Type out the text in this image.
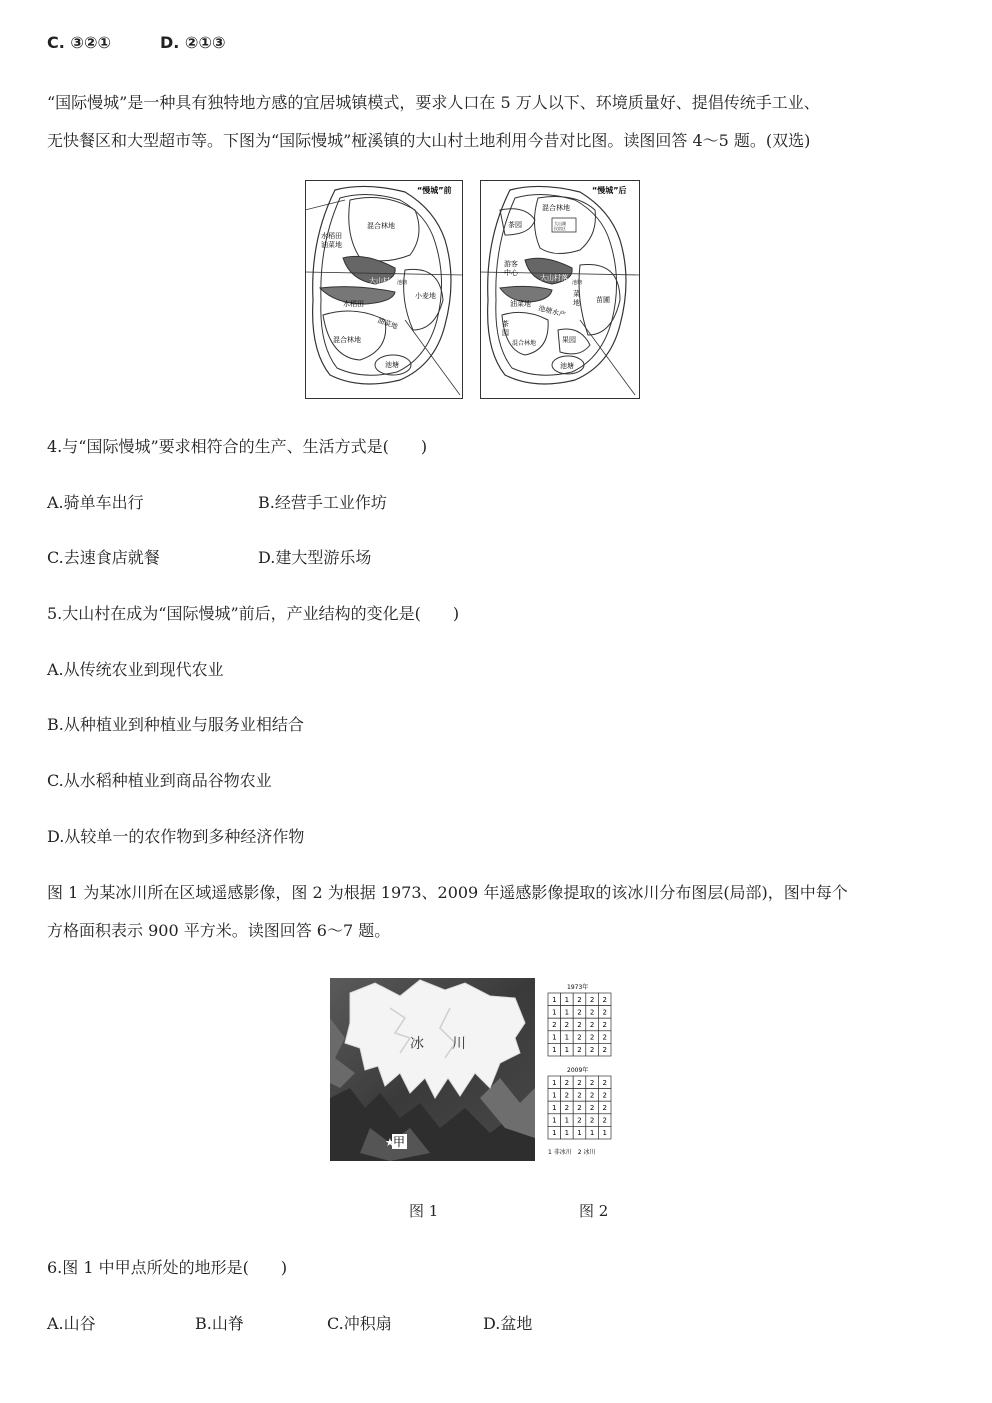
C. ③②①	D. ②①③
“国际慢城”是一种具有独特地方感的宜居城镇模式，要求人口在 5 万人以下、环境质量好、提倡传统手工业、
无快餐区和大型超市等。下图为“国际慢城”桠溪镇的大山村土地利用今昔对比图。读图回答 4～5 题。(双选)
“慢城”前
混合林地
水稻田
油菜地
大山村落 池塘
小麦地
水稻田
油菜地
混合林地
池塘
“慢城”后
混合林地
大山湖
民宿区
茶园
游客
中心
大山村落
池塘
菜
地 苗圃
油菜地
池塘水产
茶
园
混合林地	果园
池塘
4.与“国际慢城”要求相符合的生产、生活方式是(　　)
A.骑单车出行	B.经营手工业作坊
C.去速食店就餐	D.建大型游乐场
5.大山村在成为“国际慢城”前后，产业结构的变化是(　　)
A.从传统农业到现代农业
B.从种植业到种植业与服务业相结合
C.从水稻种植业到商品谷物农业
D.从较单一的农作物到多种经济作物
图 1 为某冰川所在区域遥感影像，图 2 为根据 1973、2009 年遥感影像提取的该冰川分布图层(局部)，图中每个
方格面积表示 900 平方米。读图回答 6～7 题。
冰 川
★
甲
1973年
1 1 2 2 2
1 1 2 2 2
2 2 2 2 2
1 1 2 2 2
1 1 2 2 2
2009年
1 2 2 2 2
1 2 2 2 2
1 2 2 2 2
1 1 2 2 2
1 1 1 1 1
1 非冰川　2 冰川
图 1	图 2
6.图 1 中甲点所处的地形是(　　)
A.山谷	B.山脊	C.冲积扇	D.盆地
